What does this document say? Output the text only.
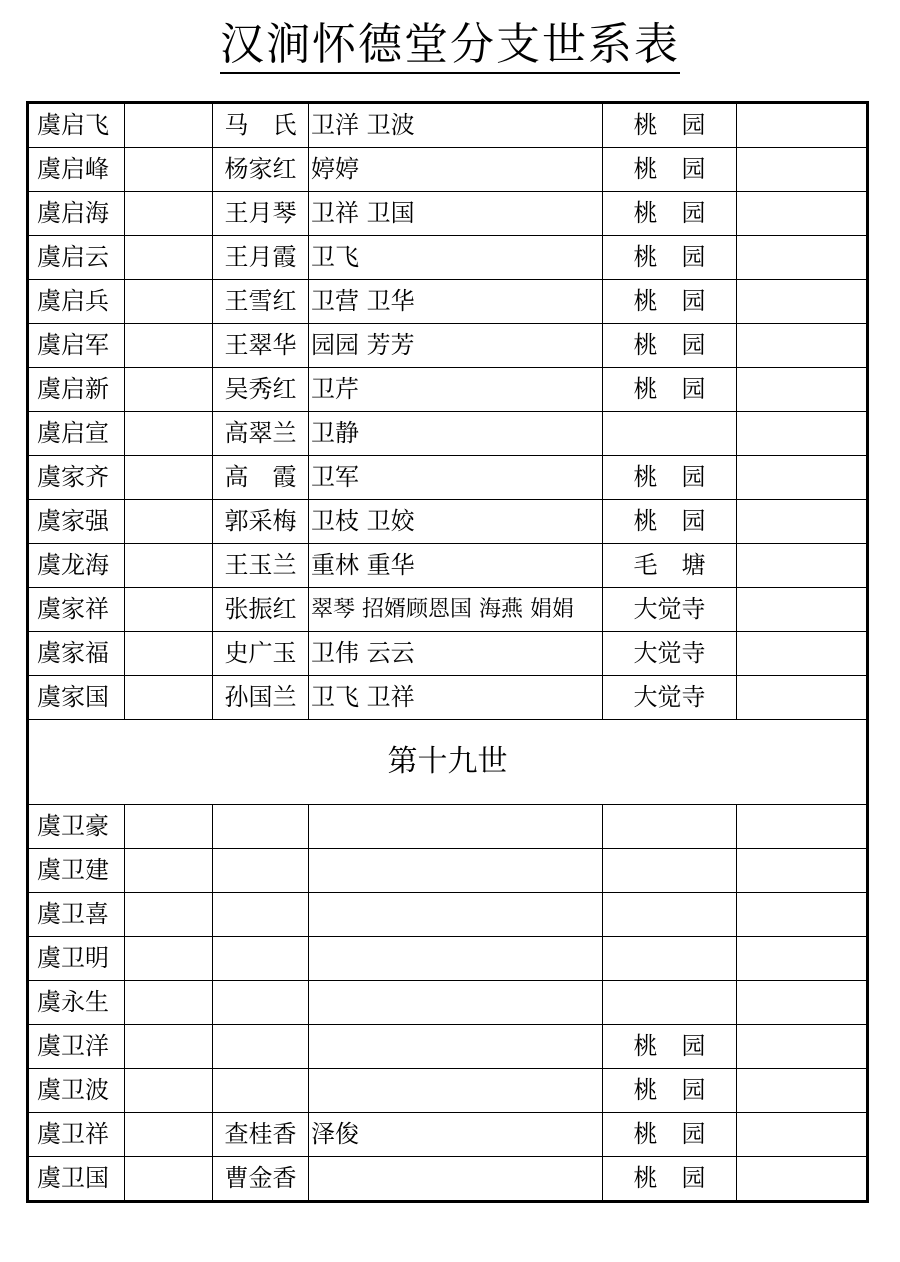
汉涧怀德堂分支世系表
虞启飞		马　氏	卫洋 卫波	桃　园	
虞启峰		杨家红	婷婷	桃　园	
虞启海		王月琴	卫祥 卫国	桃　园	
虞启云		王月霞	卫飞	桃　园	
虞启兵		王雪红	卫营 卫华	桃　园	
虞启军		王翠华	园园 芳芳	桃　园	
虞启新		吴秀红	卫芹	桃　园	
虞启宣		高翠兰	卫静		
虞家齐		高　霞	卫军	桃　园	
虞家强		郭采梅	卫枝 卫姣	桃　园	
虞龙海		王玉兰	重林 重华	毛　塘	
虞家祥		张振红	翠琴 招婿顾恩国 海燕 娟娟	大觉寺	
虞家福		史广玉	卫伟 云云	大觉寺	
虞家国		孙国兰	卫飞 卫祥	大觉寺	
第十九世					
虞卫豪					
虞卫建					
虞卫喜					
虞卫明					
虞永生					
虞卫洋				桃　园	
虞卫波				桃　园	
虞卫祥		查桂香	泽俊	桃　园	
虞卫国		曹金香		桃　园	
